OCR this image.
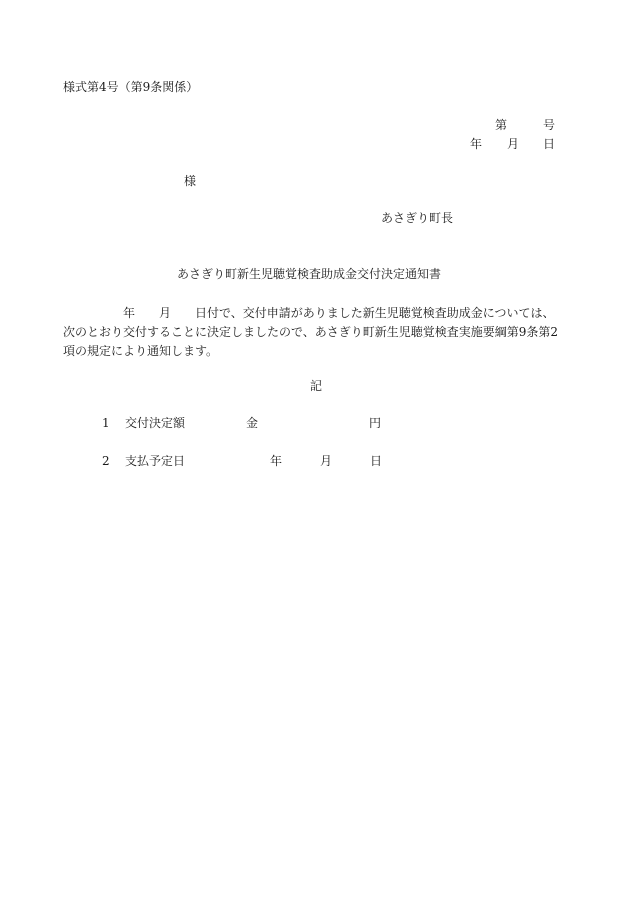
様式第4号（第9条関係）
第	号
年 月 日
様
あさぎり町長
あさぎり町新生児聴覚検査助成金交付決定通知書
年 月 日付で、交付申請がありました新生児聴覚検査助成金については、
次のとおり交付することに決定しましたので、あさぎり町新生児聴覚検査実施要綱第9条第2
項の規定により通知します。
記
1 交付決定額	金	円
2 支払予定日	年	月	日
